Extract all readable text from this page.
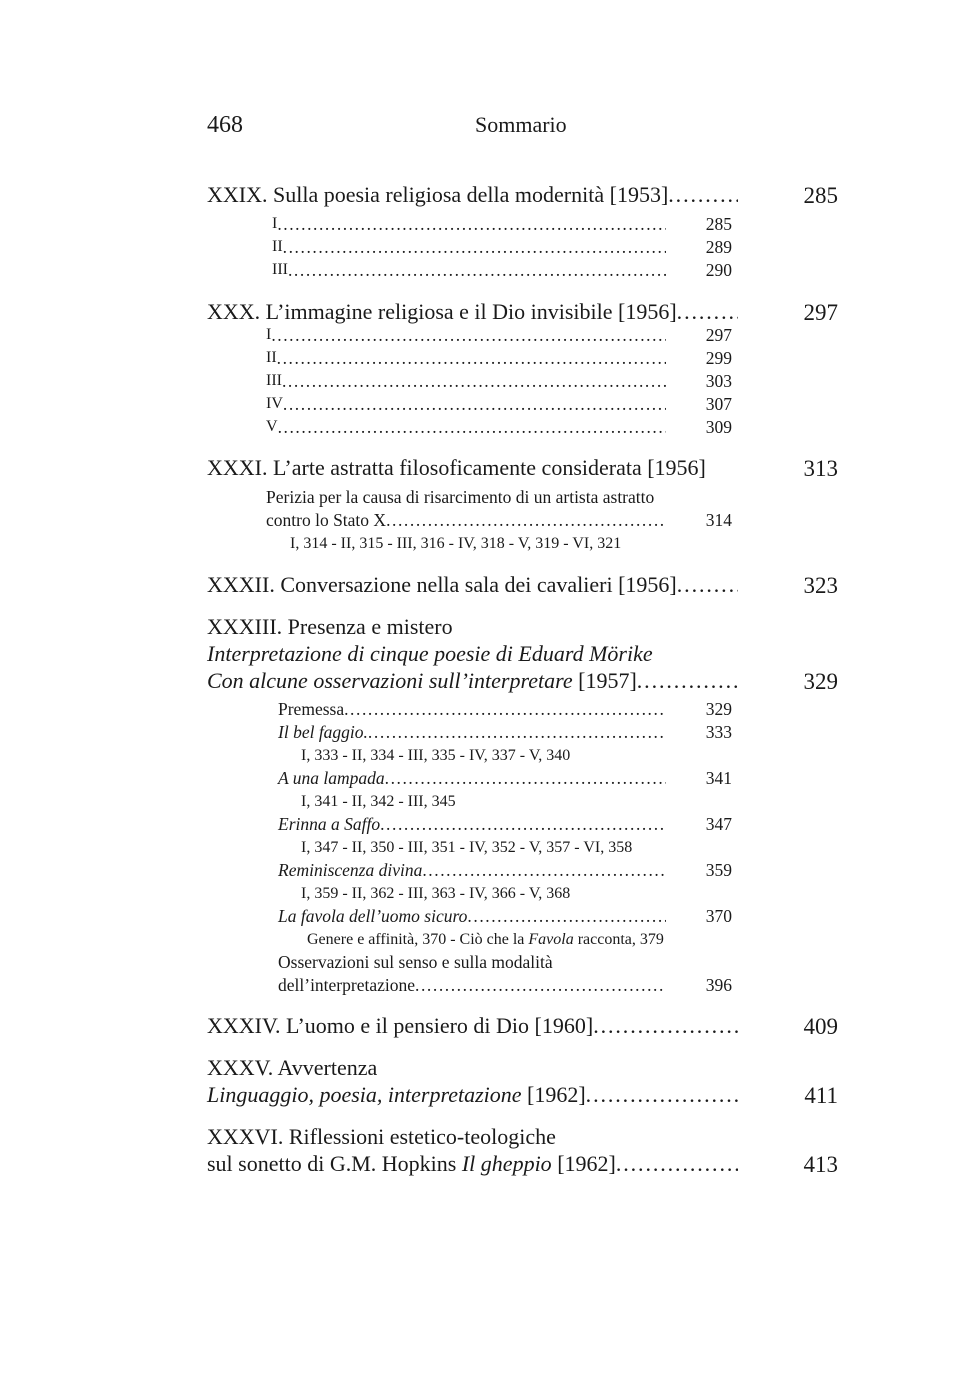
468	Sommario
XXIX. Sulla poesia religiosa della modernità [1953] . . .	285
I . . .	285
II . . .	289
III . . .	290
XXX. L’immagine religiosa e il Dio invisibile [1956] . . .	297
I . . .	297
II . . .	299
III . . .	303
IV . . .	307
V . . .	309
XXXI. L’arte astratta filosoficamente considerata [1956]	313
Perizia per la causa di risarcimento di un artista astratto
contro lo Stato X . . .	314
I, 314 - II, 315 - III, 316 - IV, 318 - V, 319 - VI, 321
XXXII. Conversazione nella sala dei cavalieri [1956] . . .	323
XXXIII. Presenza e mistero
Interpretazione di cinque poesie di Eduard Mörike
Con alcune osservazioni sull’interpretare [1957] . . .	329
Premessa . . .	329
Il bel faggio. . . .	333
I, 333 - II, 334 - III, 335 - IV, 337 - V, 340
A una lampada . . .	341
I, 341 - II, 342 - III, 345
Erinna a Saffo . . .	347
I, 347 - II, 350 - III, 351 - IV, 352 - V, 357 - VI, 358
Reminiscenza divina . . .	359
I, 359 - II, 362 - III, 363 - IV, 366 - V, 368
La favola dell’uomo sicuro . . .	370
Genere e affinità, 370 - Ciò che la Favola racconta, 379
Osservazioni sul senso e sulla modalità
dell’interpretazione . . .	396
XXXIV. L’uomo e il pensiero di Dio [1960] . . .	409
XXXV. Avvertenza
Linguaggio, poesia, interpretazione [1962] . . .	411
XXXVI. Riflessioni estetico-teologiche
sul sonetto di G.M. Hopkins Il gheppio [1962] . . .	413
